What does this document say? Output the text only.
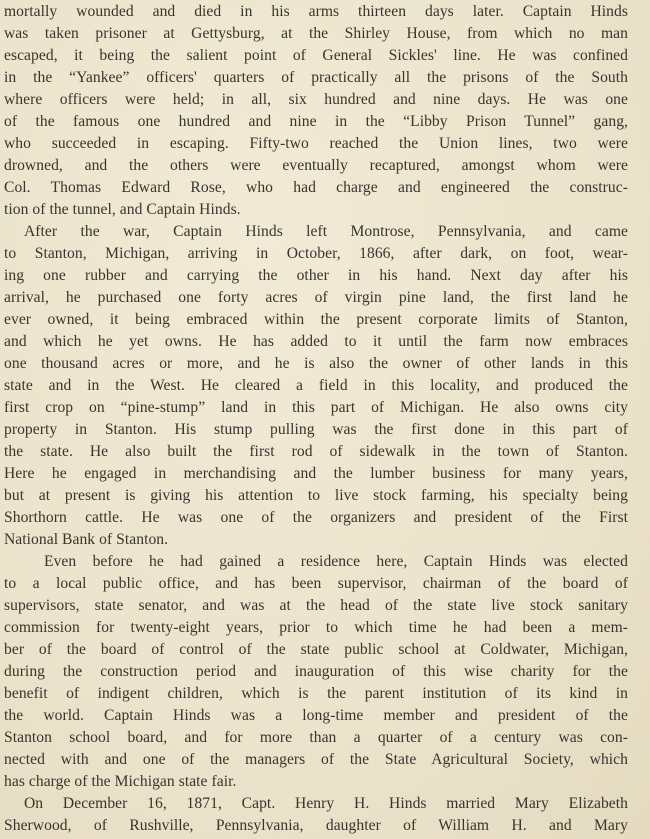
mortally wounded and died in his arms thirteen days later. Captain Hinds
was taken prisoner at Gettysburg, at the Shirley House, from which no man
escaped, it being the salient point of General Sickles' line. He was confined
in the “Yankee” officers' quarters of practically all the prisons of the South
where officers were held; in all, six hundred and nine days. He was one
of the famous one hundred and nine in the “Libby Prison Tunnel” gang,
who succeeded in escaping. Fifty-two reached the Union lines, two were
drowned, and the others were eventually recaptured, amongst whom were
Col. Thomas Edward Rose, who had charge and engineered the construc-
tion of the tunnel, and Captain Hinds.
After the war, Captain Hinds left Montrose, Pennsylvania, and came
to Stanton, Michigan, arriving in October, 1866, after dark, on foot, wear-
ing one rubber and carrying the other in his hand. Next day after his
arrival, he purchased one forty acres of virgin pine land, the first land he
ever owned, it being embraced within the present corporate limits of Stanton,
and which he yet owns. He has added to it until the farm now embraces
one thousand acres or more, and he is also the owner of other lands in this
state and in the West. He cleared a field in this locality, and produced the
first crop on “pine-stump” land in this part of Michigan. He also owns city
property in Stanton. His stump pulling was the first done in this part of
the state. He also built the first rod of sidewalk in the town of Stanton.
Here he engaged in merchandising and the lumber business for many years,
but at present is giving his attention to live stock farming, his specialty being
Shorthorn cattle. He was one of the organizers and president of the First
National Bank of Stanton.
Even before he had gained a residence here, Captain Hinds was elected
to a local public office, and has been supervisor, chairman of the board of
supervisors, state senator, and was at the head of the state live stock sanitary
commission for twenty-eight years, prior to which time he had been a mem-
ber of the board of control of the state public school at Coldwater, Michigan,
during the construction period and inauguration of this wise charity for the
benefit of indigent children, which is the parent institution of its kind in
the world. Captain Hinds was a long-time member and president of the
Stanton school board, and for more than a quarter of a century was con-
nected with and one of the managers of the State Agricultural Society, which
has charge of the Michigan state fair.
On December 16, 1871, Capt. Henry H. Hinds married Mary Elizabeth
Sherwood, of Rushville, Pennsylvania, daughter of William H. and Mary
